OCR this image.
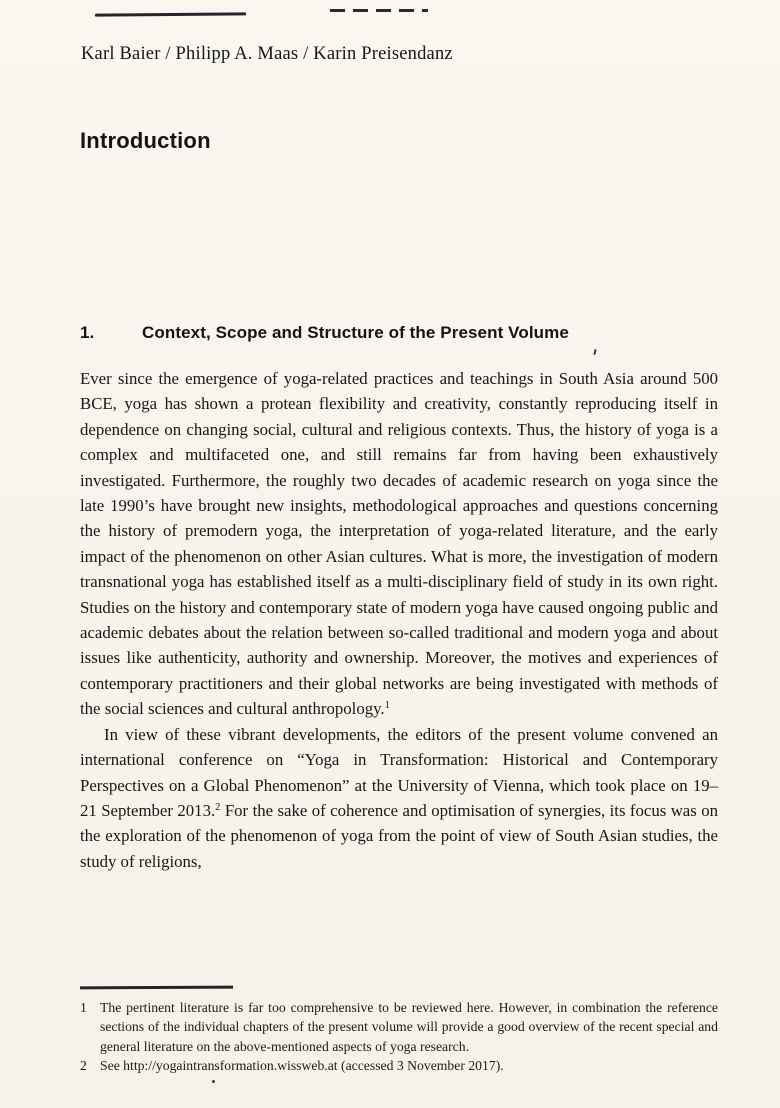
Karl Baier / Philipp A. Maas / Karin Preisendanz
Introduction
1.	Context, Scope and Structure of the Present Volume

Ever since the emergence of yoga-related practices and teachings in South Asia around 500 BCE, yoga has shown a protean flexibility and creativity, constantly reproducing itself in dependence on changing social, cultural and religious contexts. Thus, the history of yoga is a complex and multifaceted one, and still remains far from having been exhaustively investigated. Furthermore, the roughly two decades of academic research on yoga since the late 1990’s have brought new insights, methodological approaches and questions concerning the history of premodern yoga, the interpretation of yoga-related literature, and the early impact of the phenomenon on other Asian cultures. What is more, the investigation of modern transnational yoga has established itself as a multi-disciplinary field of study in its own right. Studies on the history and contemporary state of modern yoga have caused ongoing public and academic debates about the relation between so-called traditional and modern yoga and about issues like authenticity, authority and ownership. Moreover, the motives and experiences of contemporary practitioners and their global networks are being investigated with methods of the social sciences and cultural anthropology.$^1$

In view of these vibrant developments, the editors of the present volume convened an international conference on “Yoga in Transformation: Historical and Contemporary Perspectives on a Global Phenomenon” at the University of Vienna, which took place on 19–21 September 2013.$^2$ For the sake of coherence and optimisation of synergies, its focus was on the exploration of the phenomenon of yoga from the point of view of South Asian studies, the study of religions,

1 The pertinent literature is far too comprehensive to be reviewed here. However, in combination the reference sections of the individual chapters of the present volume will provide a good overview of the recent special and general literature on the above-mentioned aspects of yoga research.
2 See http://yogaintransformation.wissweb.at (accessed 3 November 2017).
